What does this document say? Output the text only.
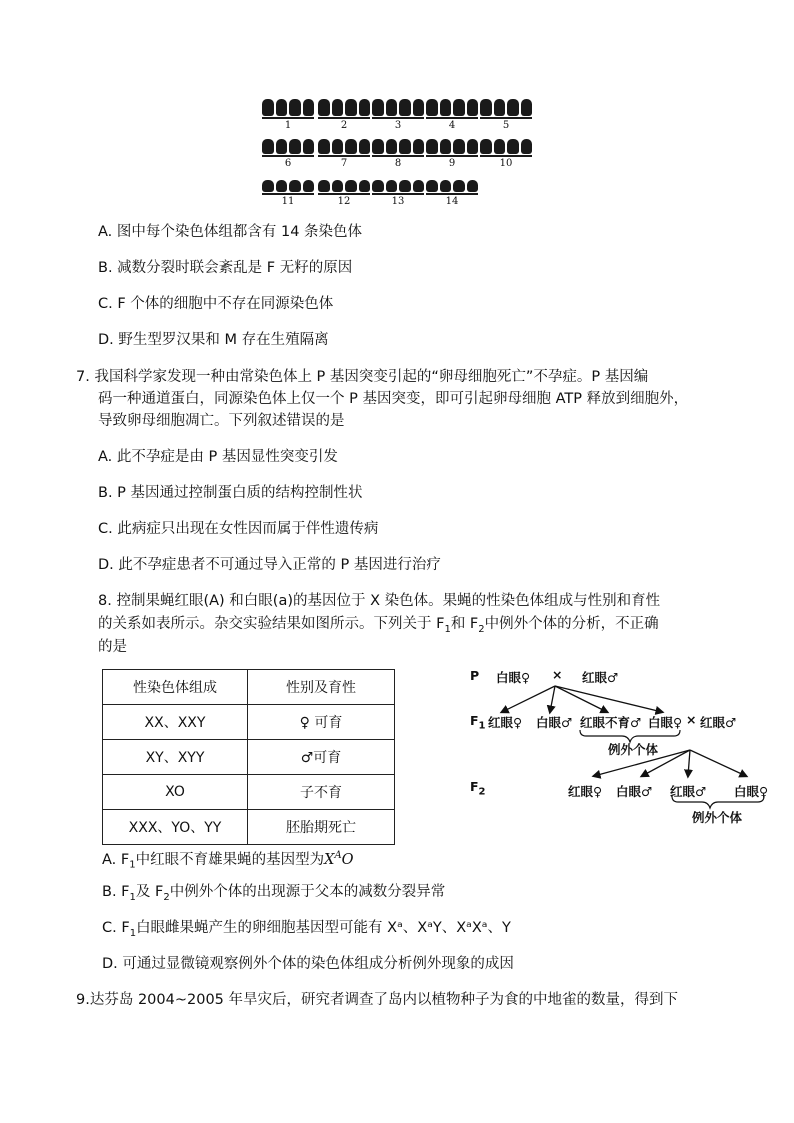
1	2	3	4	5
6	7	8	9	10
11	12	13	14
A. 图中每个染色体组都含有 14 条染色体
B. 减数分裂时联会紊乱是 F 无籽的原因
C. F 个体的细胞中不存在同源染色体
D. 野生型罗汉果和 M 存在生殖隔离
7. 我国科学家发现一种由常染色体上 P 基因突变引起的“卵母细胞死亡”不孕症。P 基因编
码一种通道蛋白，同源染色体上仅一个 P 基因突变，即可引起卵母细胞 ATP 释放到细胞外，
导致卵母细胞凋亡。下列叙述错误的是
A. 此不孕症是由 P 基因显性突变引发
B. P 基因通过控制蛋白质的结构控制性状
C. 此病症只出现在女性因而属于伴性遗传病
D. 此不孕症患者不可通过导入正常的 P 基因进行治疗
8. 控制果蝇红眼(A) 和白眼(a)的基因位于 X 染色体。果蝇的性染色体组成与性别和育性
的关系如表所示。杂交实验结果如图所示。下列关于 $F_1$和 $F_2$中例外个体的分析，不正确
的是
性染色体组成	性别及育性
XX、XXY	♀ 可育
XY、XYY	♂可育
XO	子不育
XXX、YO、YY	胚胎期死亡
P 白眼♀ × 红眼♂
$F_1$ 红眼♀ 白眼♂ 红眼不育♂ 白眼♀ × 红眼♂
例外个体
$F_2$	红眼♀ 白眼♂ 红眼♂ 白眼♀
例外个体
A. $F_1$中红眼不育雄果蝇的基因型为$X^AO$
B. $F_1$及 $F_2$中例外个体的出现源于父本的减数分裂异常
C. $F_1$白眼雌果蝇产生的卵细胞基因型可能有 Xᵃ、XᵃY、XᵃXᵃ、Y
D. 可通过显微镜观察例外个体的染色体组成分析例外现象的成因
9.达芬岛 2004~2005 年旱灾后，研究者调查了岛内以植物种子为食的中地雀的数量，得到下
